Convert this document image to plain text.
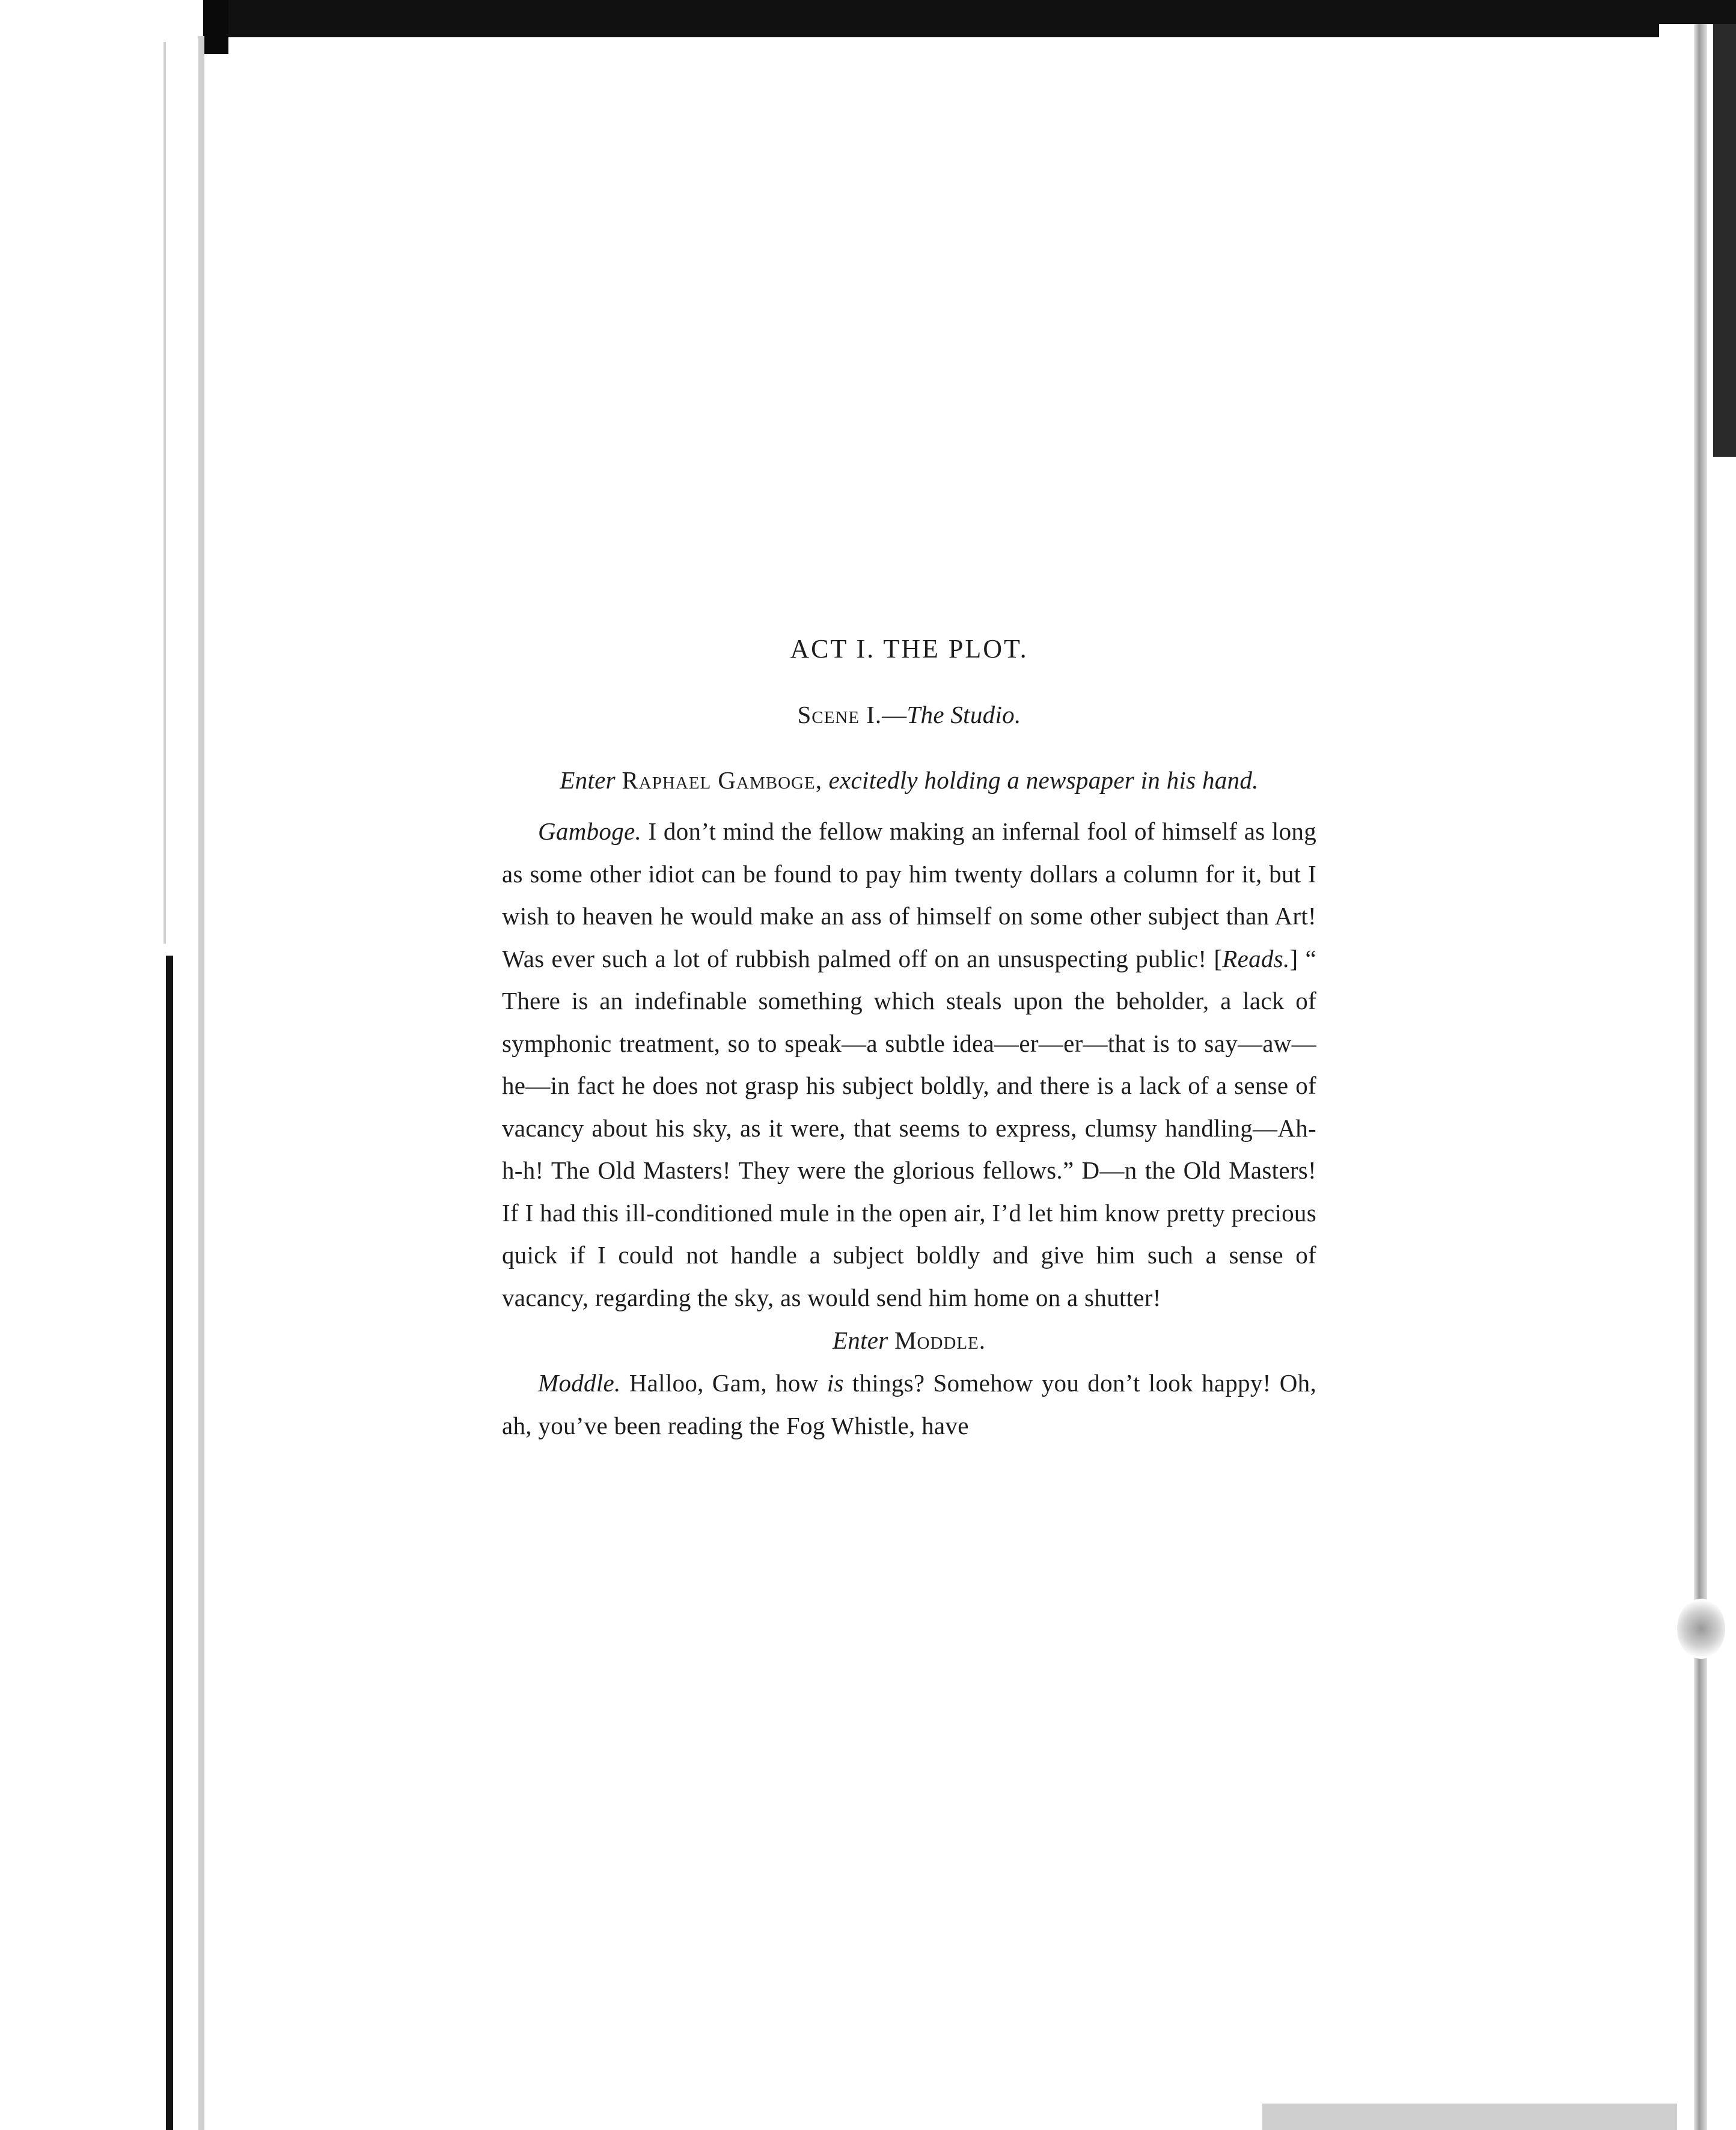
ACT I. THE PLOT.
Scene I.—The Studio.
Enter Raphael Gamboge, excitedly holding a newspaper in his hand.

Gamboge. I don’t mind the fellow making an infernal fool of himself as long as some other idiot can be found to pay him twenty dollars a column for it, but I wish to heaven he would make an ass of himself on some other subject than Art! Was ever such a lot of rubbish palmed off on an unsuspecting public! [Reads.] “ There is an indefinable something which steals upon the beholder, a lack of symphonic treatment, so to speak—a subtle idea—er—er—that is to say—aw—he—in fact he does not grasp his subject boldly, and there is a lack of a sense of vacancy about his sky, as it were, that seems to express, clumsy handling—Ah-h-h! The Old Masters! They were the glorious fellows.” D—n the Old Masters! If I had this ill-conditioned mule in the open air, I’d let him know pretty precious quick if I could not handle a subject boldly and give him such a sense of vacancy, regarding the sky, as would send him home on a shutter!

Enter Moddle.

Moddle. Halloo, Gam, how is things? Somehow you don’t look happy! Oh, ah, you’ve been reading the Fog Whistle, have
